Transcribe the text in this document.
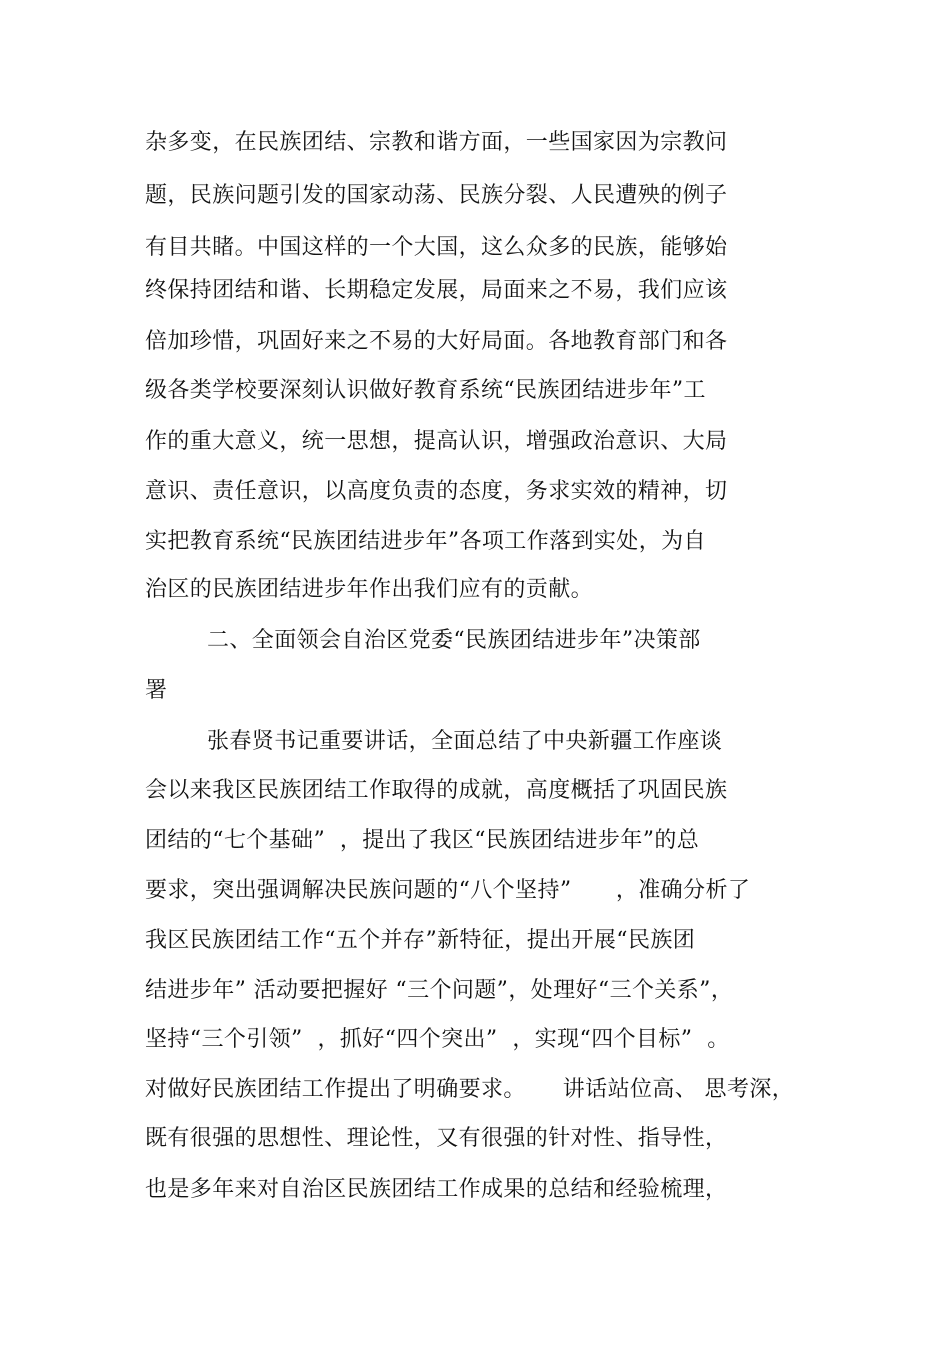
杂多变，在民族团结、宗教和谐方面，一些国家因为宗教问
题，民族问题引发的国家动荡、民族分裂、人民遭殃的例子
有目共睹。中国这样的一个大国，这么众多的民族，能够始
终保持团结和谐、长期稳定发展，局面来之不易，我们应该
倍加珍惜，巩固好来之不易的大好局面。各地教育部门和各
级各类学校要深刻认识做好教育系统“民族团结进步年”工
作的重大意义，统一思想，提高认识，增强政治意识、大局
意识、责任意识，以高度负责的态度，务求实效的精神，切
实把教育系统“民族团结进步年”各项工作落到实处，为自
治区的民族团结进步年作出我们应有的贡献。
二、全面领会自治区党委“民族团结进步年”决策部
署
张春贤书记重要讲话，全面总结了中央新疆工作座谈
会以来我区民族团结工作取得的成就，高度概括了巩固民族
团结的“七个基础”  ，提出了我区“民族团结进步年”的总
要求，突出强调解决民族问题的“八个坚持”      ，准确分析了
我区民族团结工作“五个并存”新特征，提出开展“民族团
结进步年” 活动要把握好 “三个问题”，处理好“三个关系”，
坚持“三个引领”  ，抓好“四个突出”  ，实现“四个目标”  。
对做好民族团结工作提出了明确要求。     讲话站位高、 思考深，
既有很强的思想性、理论性，又有很强的针对性、指导性，
也是多年来对自治区民族团结工作成果的总结和经验梳理，
